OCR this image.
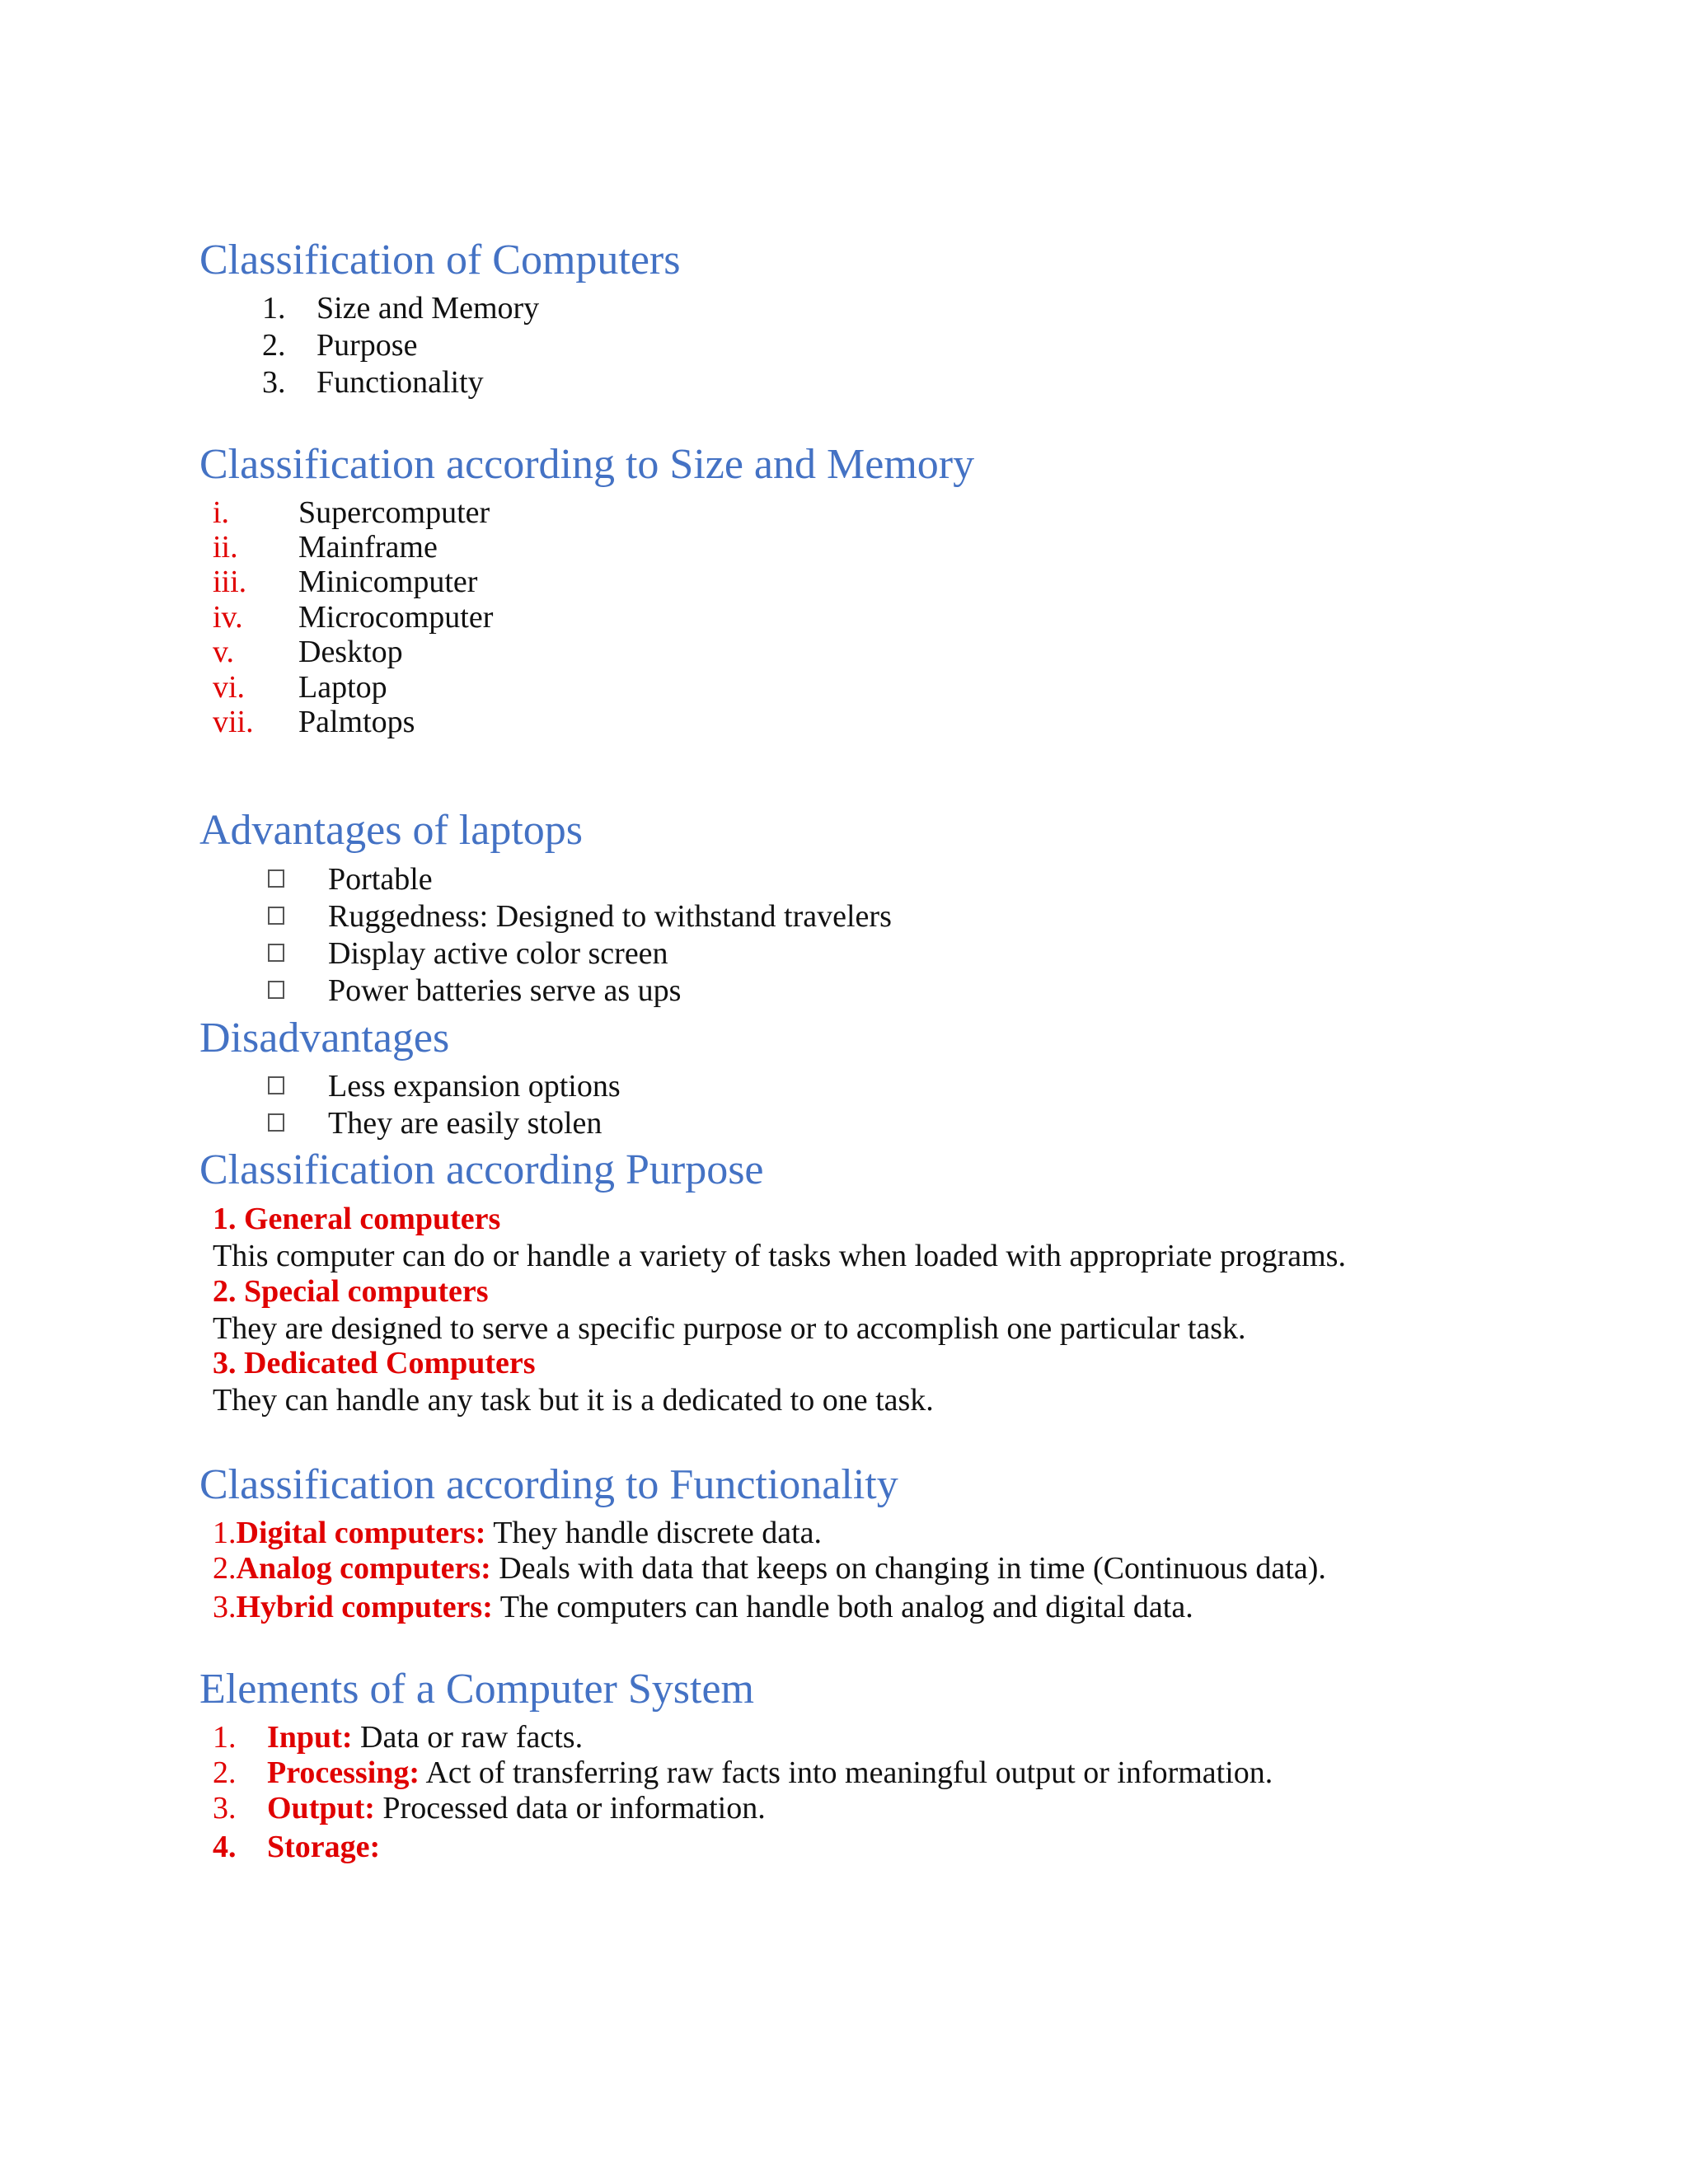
Classification of Computers
1. Size and Memory
2. Purpose
3. Functionality
Classification according to Size and Memory
i. Supercomputer
ii. Mainframe
iii. Minicomputer
iv. Microcomputer
v. Desktop
vi. Laptop
vii. Palmtops
Advantages of laptops
Portable
Ruggedness: Designed to withstand travelers
Display active color screen
Power batteries serve as ups
Disadvantages
Less expansion options
They are easily stolen
Classification according Purpose
1. General computers
This computer can do or handle a variety of tasks when loaded with appropriate programs.
2. Special computers
They are designed to serve a specific purpose or to accomplish one particular task.
3. Dedicated Computers
They can handle any task but it is a dedicated to one task.
Classification according to Functionality
1.Digital computers: They handle discrete data.
2.Analog computers: Deals with data that keeps on changing in time (Continuous data).
3.Hybrid computers: The computers can handle both analog and digital data.
Elements of a Computer System
1. Input: Data or raw facts.
2. Processing: Act of transferring raw facts into meaningful output or information.
3. Output: Processed data or information.
4. Storage:
